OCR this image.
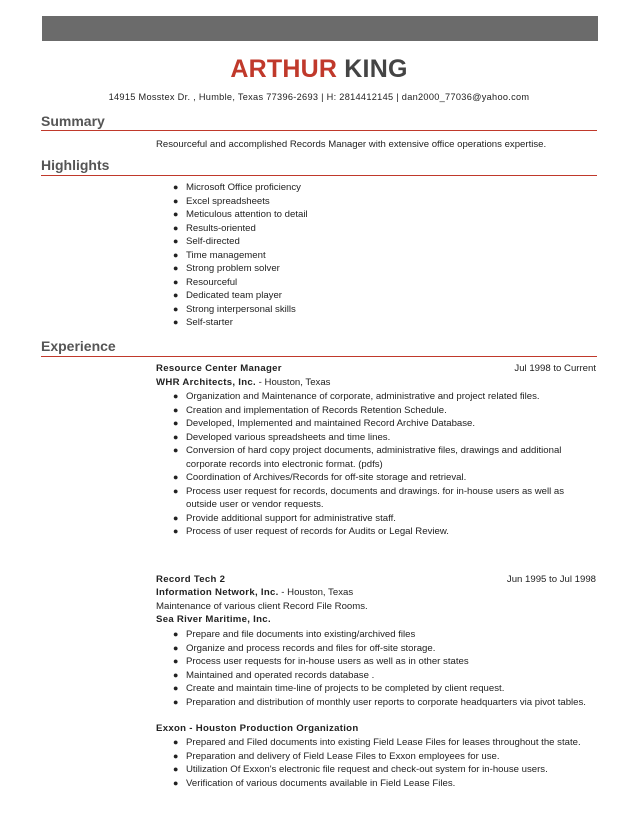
ARTHUR KING
14915 Mosstex Dr. , Humble, Texas 77396-2693 | H: 2814412145 | dan2000_77036@yahoo.com
Summary
Resourceful and accomplished Records Manager with extensive office operations expertise.
Highlights
● Microsoft Office proficiency
● Excel spreadsheets
● Meticulous attention to detail
● Results-oriented
● Self-directed
● Time management
● Strong problem solver
● Resourceful
● Dedicated team player
● Strong interpersonal skills
● Self-starter
Experience
Resource Center Manager	Jul 1998 to Current
WHR Architects, Inc. - Houston, Texas
● Organization and Maintenance of corporate, administrative and project related files.
● Creation and implementation of Records Retention Schedule.
● Developed, Implemented and maintained Record Archive Database.
● Developed various spreadsheets and time lines.
● Conversion of hard copy project documents, administrative files, drawings and additional corporate records into electronic format. (pdfs)
● Coordination of Archives/Records for off-site storage and retrieval.
● Process user request for records, documents and drawings. for in-house users as well as outside user or vendor requests.
● Provide additional support for administrative staff.
● Process of user request of records for Audits or Legal Review.
Record Tech 2	Jun 1995 to Jul 1998
Information Network, Inc. - Houston, Texas
Maintenance of various client Record File Rooms.
Sea River Maritime, Inc.
● Prepare and file documents into existing/archived files
● Organize and process records and files for off-site storage.
● Process user requests for in-house users as well as in other states
● Maintained and operated records database .
● Create and maintain time-line of projects to be completed by client request.
● Preparation and distribution of monthly user reports to corporate headquarters via pivot tables.
Exxon - Houston Production Organization
● Prepared and Filed documents into existing Field Lease Files for leases throughout the state.
● Preparation and delivery of Field Lease Files to Exxon employees for use.
● Utilization Of Exxon's electronic file request and check-out system for in-house users.
● Verification of various documents available in Field Lease Files.
